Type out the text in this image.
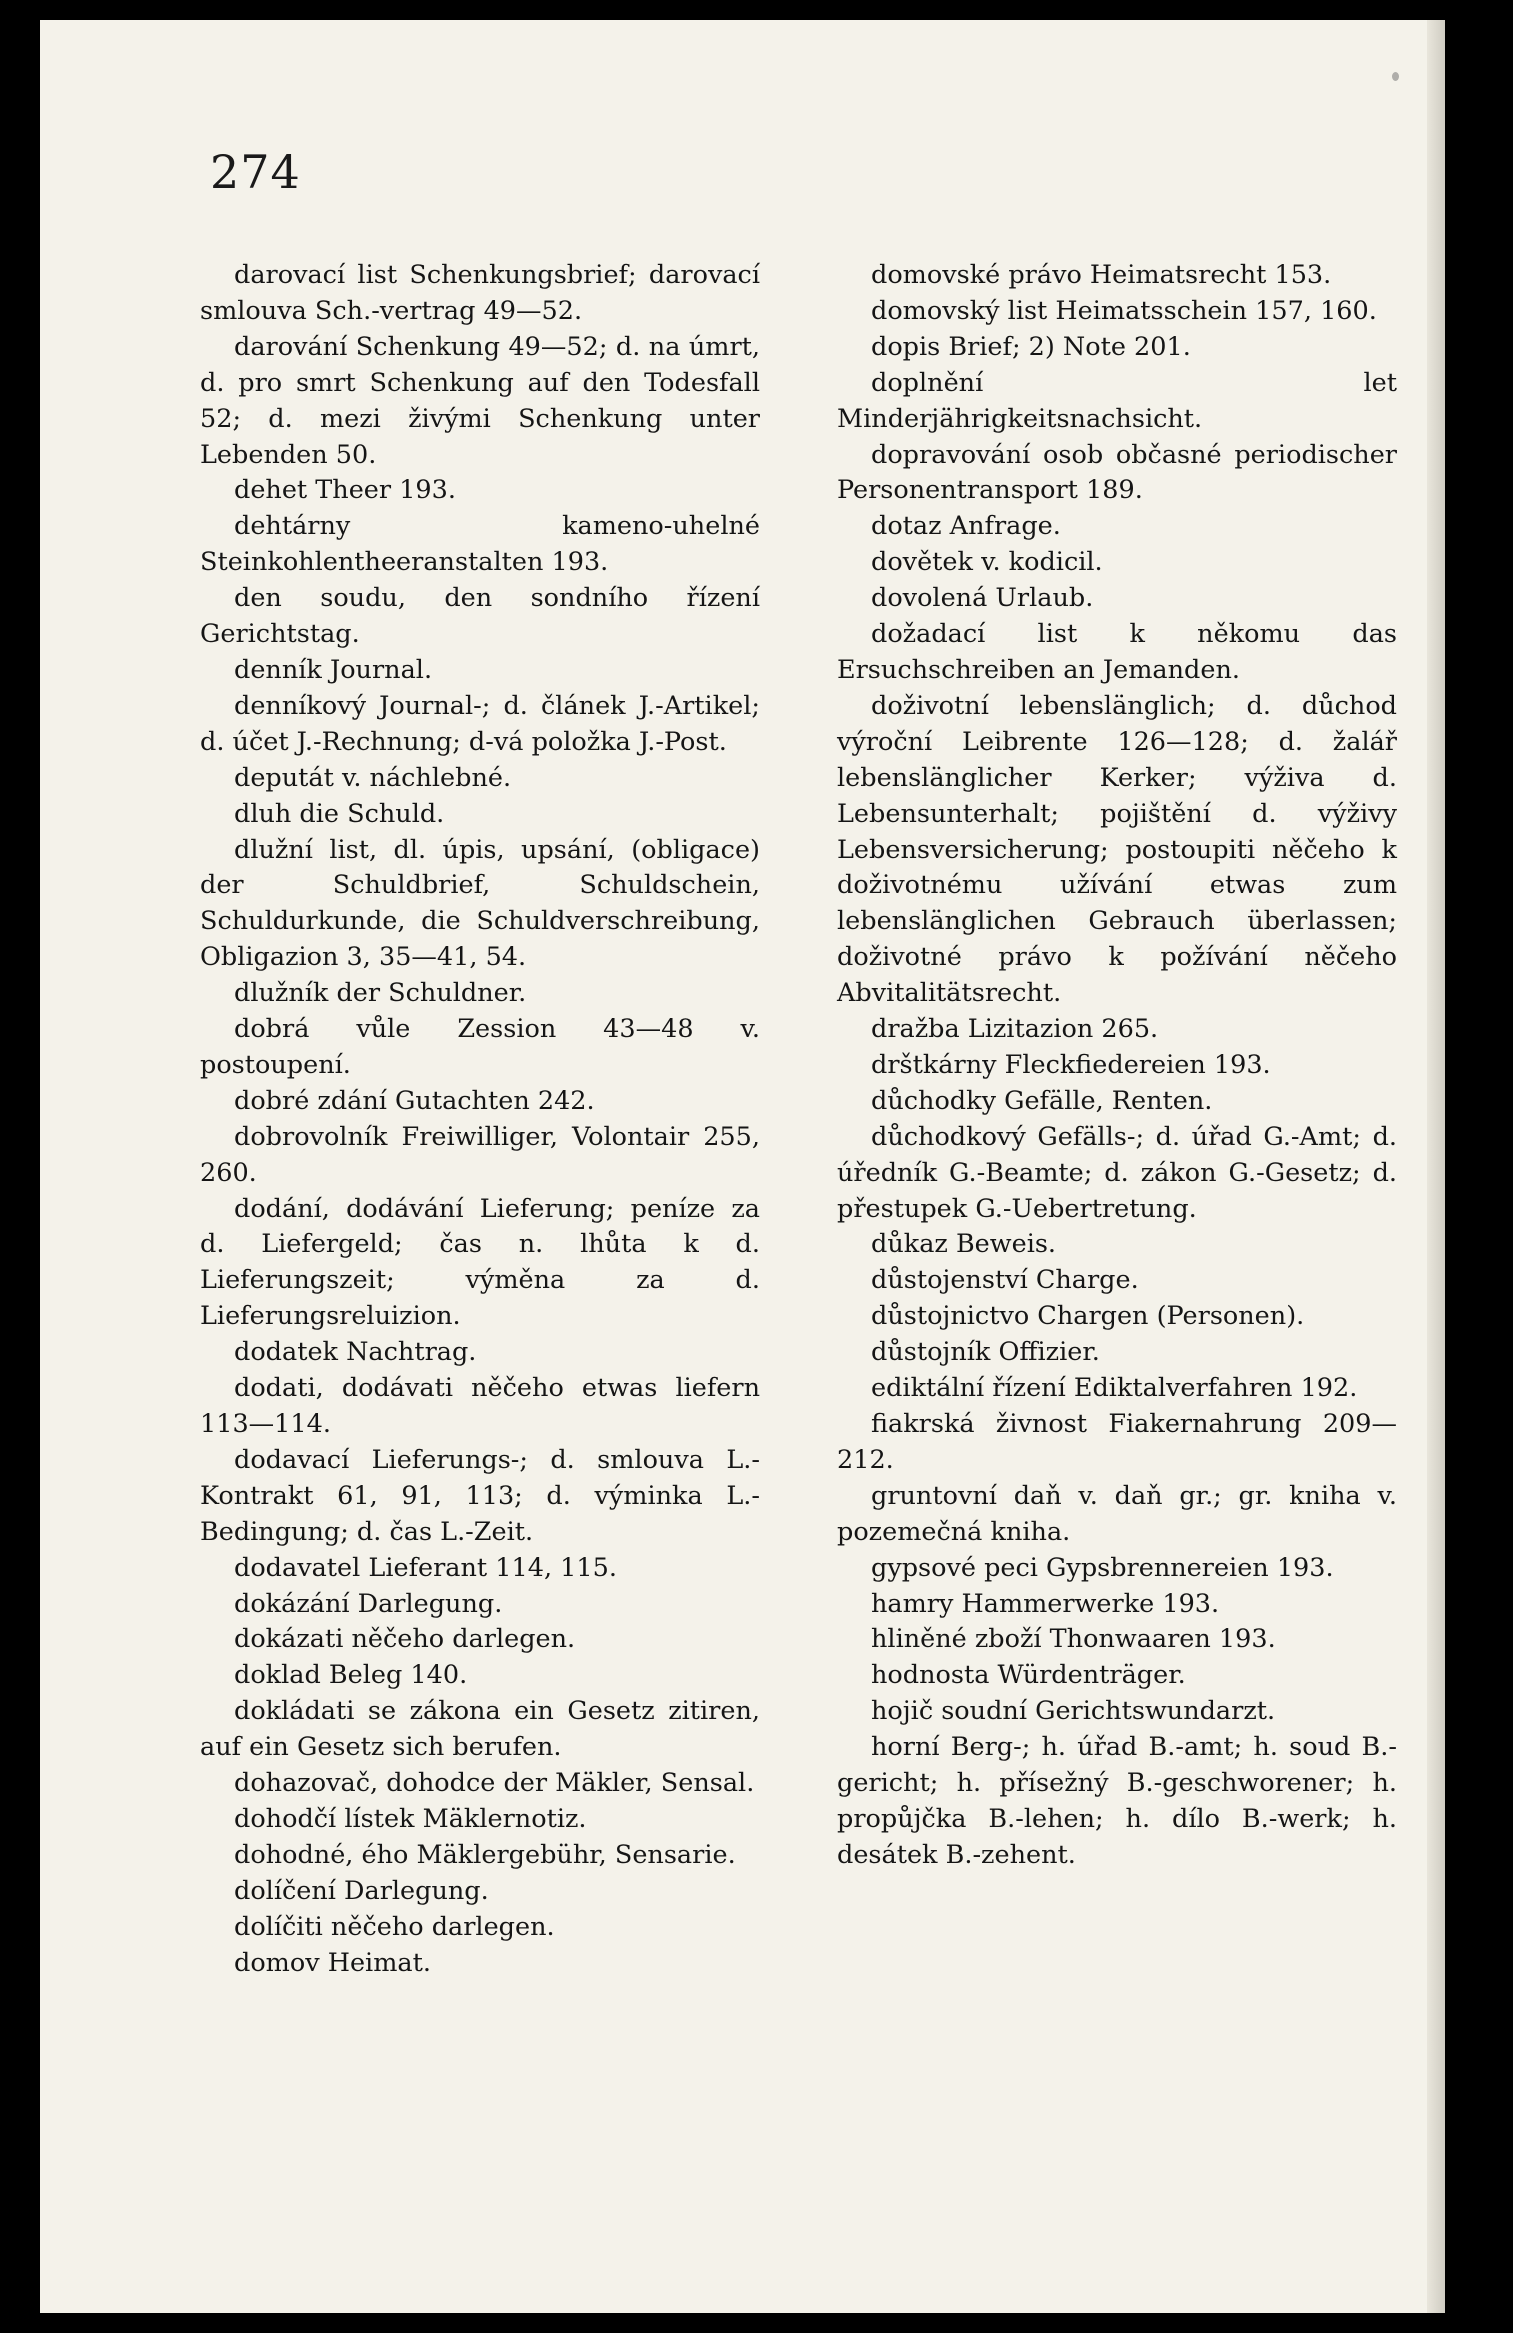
274

darovací list Schenkungsbrief; darovací smlouva Sch.-vertrag 49—52.

darování Schenkung 49—52; d. na úmrt, d. pro smrt Schenkung auf den Todesfall 52; d. mezi živými Schenkung unter Lebenden 50.

dehet Theer 193.

dehtárny kameno-uhelné Steinkohlentheeranstalten 193.

den soudu, den sondního řízení Gerichtstag.

denník Journal.

denníkový Journal-; d. článek J.-Artikel; d. účet J.-Rechnung; d-vá položka J.-Post.

deputát v. náchlebné.

dluh die Schuld.

dlužní list, dl. úpis, upsání, (obligace) der Schuldbrief, Schuldschein, Schuldurkunde, die Schuldverschreibung, Obligazion 3, 35—41, 54.

dlužník der Schuldner.

dobrá vůle Zession 43—48 v. postoupení.

dobré zdání Gutachten 242.

dobrovolník Freiwilliger, Volontair 255, 260.

dodání, dodávání Lieferung; peníze za d. Liefergeld; čas n. lhůta k d. Lieferungszeit; výměna za d. Lieferungsreluizion.

dodatek Nachtrag.

dodati, dodávati něčeho etwas liefern 113—114.

dodavací Lieferungs-; d. smlouva L.-Kontrakt 61, 91, 113; d. výminka L.-Bedingung; d. čas L.-Zeit.

dodavatel Lieferant 114, 115.

dokázání Darlegung.

dokázati něčeho darlegen.

doklad Beleg 140.

dokládati se zákona ein Gesetz zitiren, auf ein Gesetz sich berufen.

dohazovač, dohodce der Mäkler, Sensal.

dohodčí lístek Mäklernotiz.

dohodné, ého Mäklergebühr, Sensarie.

dolíčení Darlegung.

dolíčiti něčeho darlegen.

domov Heimat.

domovské právo Heimatsrecht 153.

domovský list Heimatsschein 157, 160.

dopis Brief; 2) Note 201.

doplnění let Minderjährigkeitsnachsicht.

dopravování osob občasné periodischer Personentransport 189.

dotaz Anfrage.

dovětek v. kodicil.

dovolená Urlaub.

dožadací list k někomu das Ersuchschreiben an Jemanden.

doživotní lebenslänglich; d. důchod výroční Leibrente 126—128; d. žalář lebenslänglicher Kerker; výživa d. Lebensunterhalt; pojištění d. výživy Lebensversicherung; postoupiti něčeho k doživotnému užívání etwas zum lebenslänglichen Gebrauch überlassen; doživotné právo k požívání něčeho Abvitalitätsrecht.

dražba Lizitazion 265.

drštkárny Fleckfiedereien 193.

důchodky Gefälle, Renten.

důchodkový Gefälls-; d. úřad G.-Amt; d. úředník G.-Beamte; d. zákon G.-Gesetz; d. přestupek G.-Uebertretung.

důkaz Beweis.

důstojenství Charge.

důstojnictvo Chargen (Personen).

důstojník Offizier.

ediktální řízení Ediktalverfahren 192.

fiakrská živnost Fiakernahrung 209—212.

gruntovní daň v. daň gr.; gr. kniha v. pozemečná kniha.

gypsové peci Gypsbrennereien 193.

hamry Hammerwerke 193.

hliněné zboží Thonwaaren 193.

hodnosta Würdenträger.

hojič soudní Gerichtswundarzt.

horní Berg-; h. úřad B.-amt; h. soud B.-gericht; h. přísežný B.-geschworener; h. propůjčka B.-lehen; h. dílo B.-werk; h. desátek B.-zehent.
